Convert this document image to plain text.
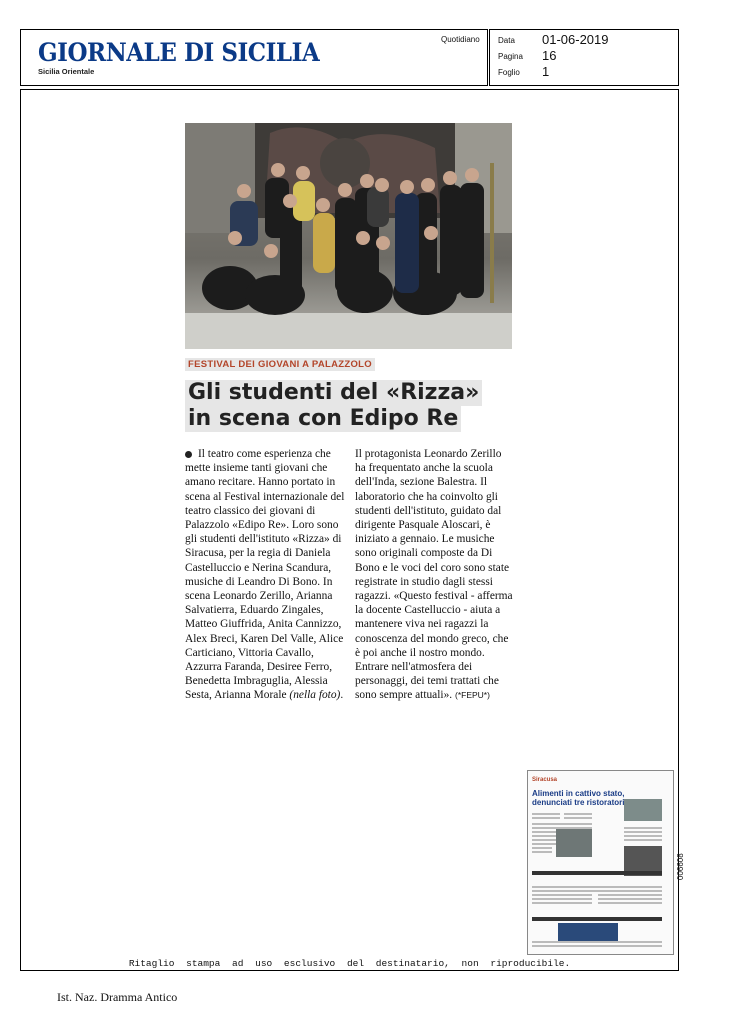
GIORNALE DI SICILIA
Sicilia Orientale
Quotidiano Data 01-06-2019
Pagina 16
Foglio 1
FESTIVAL DEI GIOVANI A PALAZZOLO
Gli studenti del «Rizza»
in scena con Edipo Re

Il teatro come esperienza che mette insieme tanti giovani che amano recitare. Hanno portato in scena al Festival internazionale del teatro classico dei giovani di Palazzolo «Edipo Re». Loro sono gli studenti dell'istituto «Rizza» di Siracusa, per la regia di Daniela Castelluccio e Nerina Scandura, musiche di Leandro Di Bono. In scena Leonardo Zerillo, Arianna Salvatierra, Eduardo Zingales, Matteo Giuffrida, Anita Cannizzo, Alex Breci, Karen Del Valle, Alice Carticiano, Vittoria Cavallo, Azzurra Faranda, Desiree Ferro, Benedetta Imbraguglia, Alessia Sesta, Arianna Morale (nella foto).

Il protagonista Leonardo Zerillo ha frequentato anche la scuola dell'Inda, sezione Balestra. Il laboratorio che ha coinvolto gli studenti dell'istituto, guidato dal dirigente Pasquale Aloscari, è iniziato a gennaio. Le musiche sono originali composte da Di Bono e le voci del coro sono state registrate in studio dagli stessi ragazzi. «Questo festival - afferma la docente Castelluccio - aiuta a mantenere viva nei ragazzi la conoscenza del mondo greco, che è poi anche il nostro mondo. Entrare nell'atmosfera dei personaggi, dei temi trattati che sono sempre attuali». (*FEPU*)

Siracusa
Alimenti in cattivo stato, denunciati tre ristoratori
006608
Ritaglio stampa ad uso esclusivo del destinatario, non riproducibile.
Ist. Naz. Dramma Antico
